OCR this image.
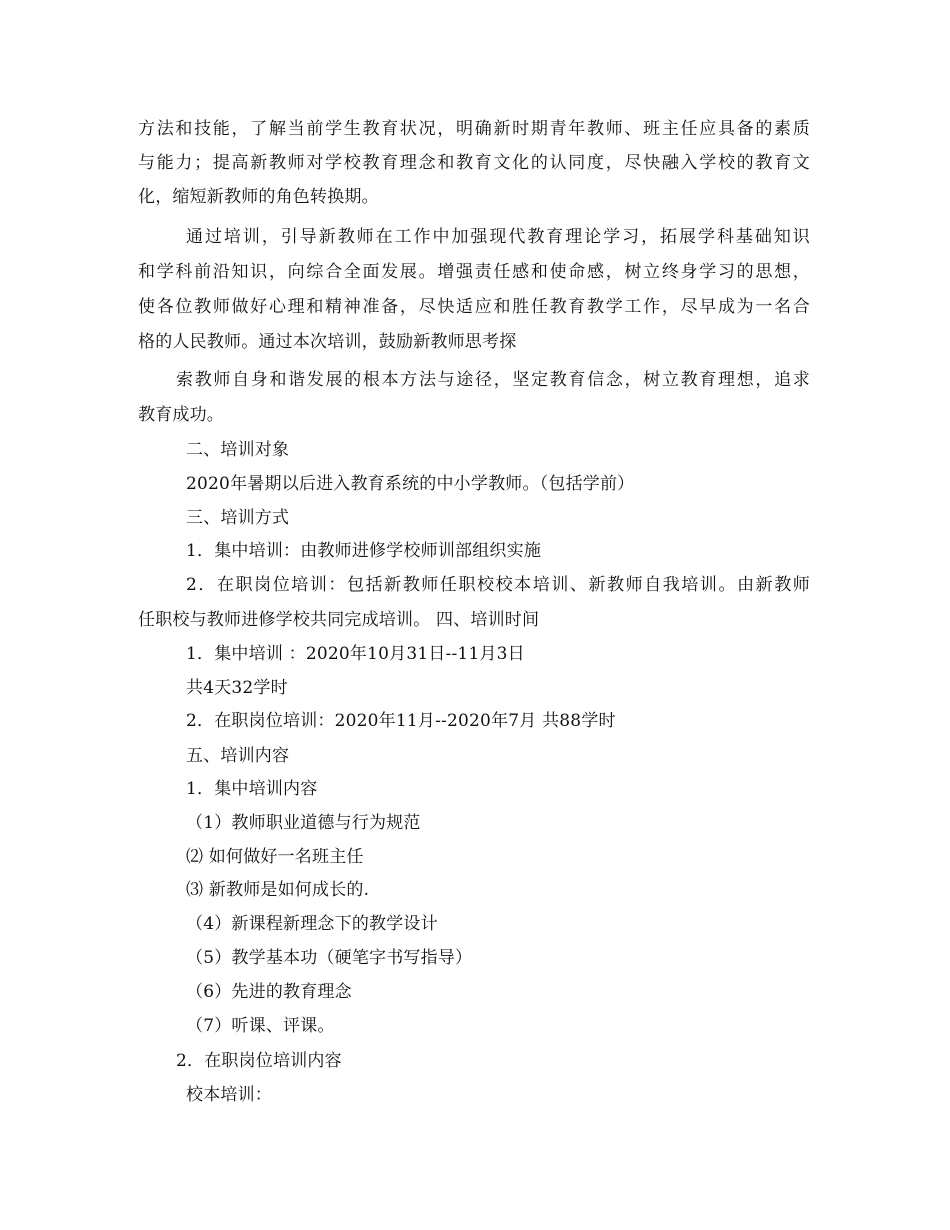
方法和技能，了解当前学生教育状况，明确新时期青年教师、班主任应具备的素质
与能力；提高新教师对学校教育理念和教育文化的认同度，尽快融入学校的教育文
化，缩短新教师的角色转换期。
通过培训，引导新教师在工作中加强现代教育理论学习，拓展学科基础知识
和学科前沿知识，向综合全面发展。增强责任感和使命感，树立终身学习的思想，
使各位教师做好心理和精神准备，尽快适应和胜任教育教学工作，尽早成为一名合
格的人民教师。通过本次培训，鼓励新教师思考探
索教师自身和谐发展的根本方法与途径，坚定教育信念，树立教育理想，追求
教育成功。
二、培训对象
2020年暑期以后进入教育系统的中小学教师。（包括学前）
三、培训方式
1．集中培训：由教师进修学校师训部组织实施
2．在职岗位培训：包括新教师任职校校本培训、新教师自我培训。由新教师
任职校与教师进修学校共同完成培训。 四、培训时间
1．集中培训 ：2020年10月31日--11月3日
共4天32学时
2．在职岗位培训：2020年11月--2020年7月 共88学时
五、培训内容
1．集中培训内容
（1）教师职业道德与行为规范
⑵ 如何做好一名班主任
⑶ 新教师是如何成长的.
（4）新课程新理念下的教学设计
（5）教学基本功（硬笔字书写指导）
（6）先进的教育理念
（7）听课、评课。
2．在职岗位培训内容
校本培训：
